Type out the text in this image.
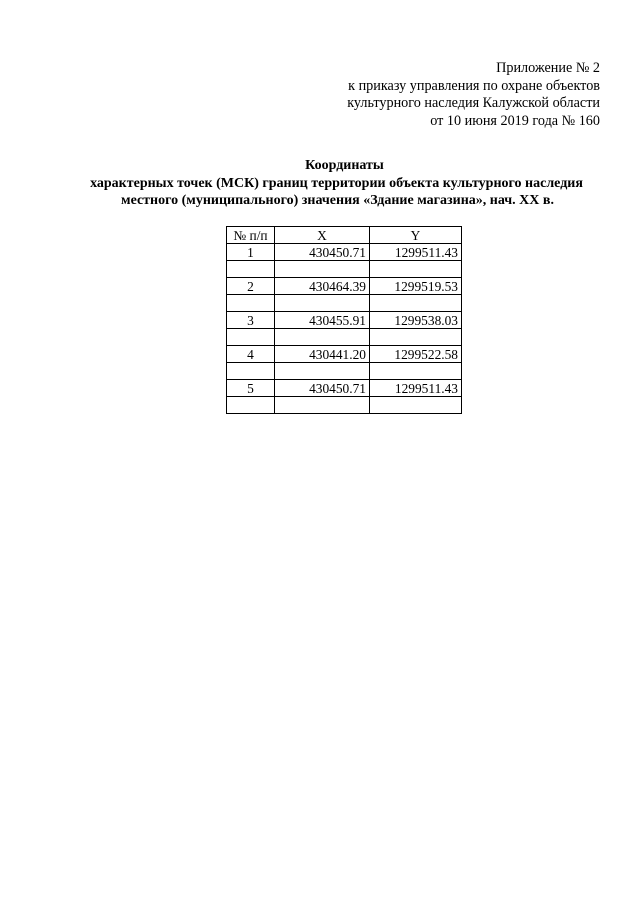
Приложение № 2
к приказу управления по охране объектов
культурного наследия Калужской области
от 10 июня 2019 года № 160
Координаты
характерных точек (МСК) границ территории объекта культурного наследия
местного (муниципального) значения «Здание магазина», нач. XX в.
№ п/п	X	Y
1	430450.71	1299511.43

2	430464.39	1299519.53

3	430455.91	1299538.03

4	430441.20	1299522.58

5	430450.71	1299511.43
